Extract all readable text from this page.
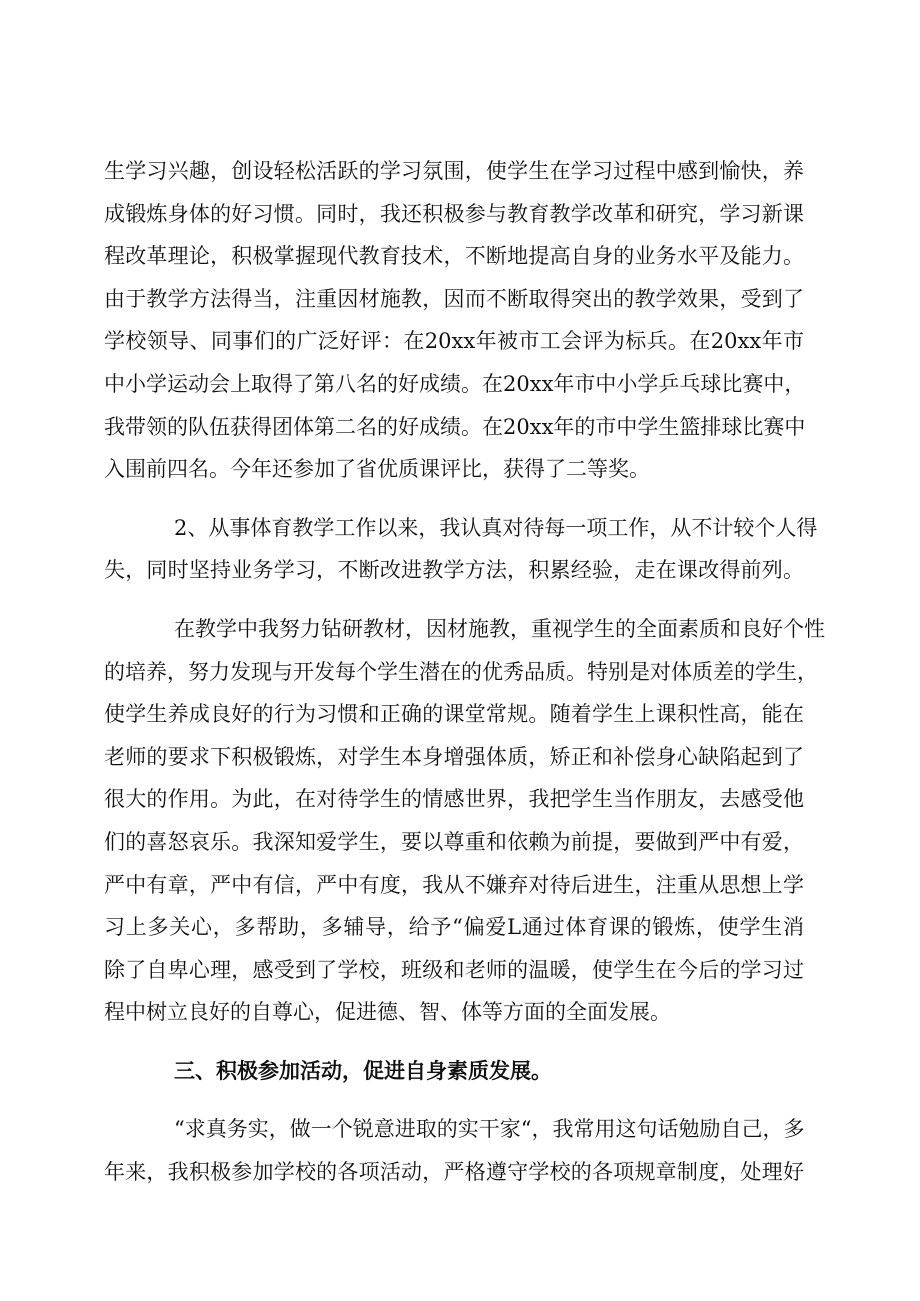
生学习兴趣，创设轻松活跃的学习氛围，使学生在学习过程中感到愉快，养
成锻炼身体的好习惯。同时，我还积极参与教育教学改革和研究，学习新课
程改革理论，积极掌握现代教育技术，不断地提高自身的业务水平及能力。
由于教学方法得当，注重因材施教，因而不断取得突出的教学效果，受到了
学校领导、同事们的广泛好评：在20xx年被市工会评为标兵。在20xx年市
中小学运动会上取得了第八名的好成绩。在20xx年市中小学乒乓球比赛中，
我带领的队伍获得团体第二名的好成绩。在20xx年的市中学生篮排球比赛中
入围前四名。今年还参加了省优质课评比，获得了二等奖。
2、从事体育教学工作以来，我认真对待每一项工作，从不计较个人得
失，同时坚持业务学习，不断改进教学方法，积累经验，走在课改得前列。
在教学中我努力钻研教材，因材施教，重视学生的全面素质和良好个性
的培养，努力发现与开发每个学生潜在的优秀品质。特别是对体质差的学生，
使学生养成良好的行为习惯和正确的课堂常规。随着学生上课积性高，能在
老师的要求下积极锻炼，对学生本身增强体质，矫正和补偿身心缺陷起到了
很大的作用。为此，在对待学生的情感世界，我把学生当作朋友，去感受他
们的喜怒哀乐。我深知爱学生，要以尊重和依赖为前提，要做到严中有爱，
严中有章，严中有信，严中有度，我从不嫌弃对待后进生，注重从思想上学
习上多关心，多帮助，多辅导，给予“偏爱L通过体育课的锻炼，使学生消
除了自卑心理，感受到了学校，班级和老师的温暖，使学生在今后的学习过
程中树立良好的自尊心，促进德、智、体等方面的全面发展。
三、积极参加活动，促进自身素质发展。
“求真务实，做一个锐意进取的实干家“，我常用这句话勉励自己，多
年来，我积极参加学校的各项活动，严格遵守学校的各项规章制度，处理好
